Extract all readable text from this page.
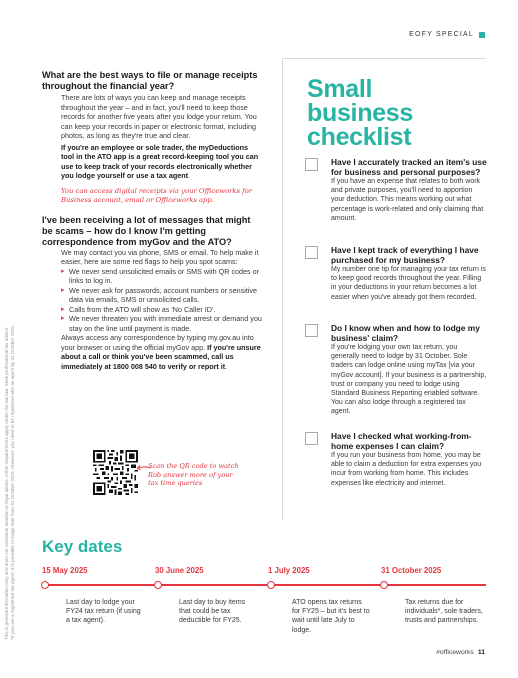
EOFY SPECIAL
This is general information only and does not constitute taxation or legal advice. Other requirements apply under the tax law. Seek professional tax advice. *If you use a registered tax agent, it is possible to lodge later than 31 October 2025. However, you need to be registered with an agent by 31 October 2025.
What are the best ways to file or manage receipts throughout the financial year?
There are lots of ways you can keep and manage receipts throughout the year – and in fact, you'll need to keep those records for another five years after you lodge your return. You can keep your records in paper or electronic format, including photos, as long as they're true and clear.
If you're an employee or sole trader, the myDeductions tool in the ATO app is a great record-keeping tool you can use to keep track of your records electronically whether you lodge yourself or use a tax agent.
You can access digital receipts via your Officeworks for Business account, email or Officeworks app.
I've been receiving a lot of messages that might be scams – how do I know I'm getting correspondence from myGov and the ATO?
We may contact you via phone, SMS or email. To help make it easier, here are some red flags to help you spot scams:
▸ We never send unsolicited emails or SMS with QR codes or links to log in.
▸ We never ask for passwords, account numbers or sensitive data via emails, SMS or unsolicited calls.
▸ Calls from the ATO will show as 'No Caller ID'.
▸ We never threaten you with immediate arrest or demand you stay on the line until payment is made.
Always access any correspondence by typing my.gov.au into your browser or using the official myGov app. If you're unsure about a call or think you've been scammed, call us immediately at 1800 008 540 to verify or report it.
Scan the QR code to watch Rob answer more of your tax time queries
Small
business
checklist
Have I accurately tracked an item's use for business and personal purposes?
If you have an expense that relates to both work and private purposes, you'll need to apportion your deduction. This means working out what percentage is work-related and only claiming that amount.
Have I kept track of everything I have purchased for my business?
My number one tip for managing your tax return is to keep good records throughout the year. Filling in your deductions in your return becomes a lot easier when you've already got them recorded.
Do I know when and how to lodge my business' claim?
If you're lodging your own tax return, you generally need to lodge by 31 October. Sole traders can lodge online using myTax [via your myGov account]. If your business is a partnership, trust or company you need to lodge using Standard Business Reporting enabled software. You can also lodge through a registered tax agent.
Have I checked what working-from-home expenses I can claim?
If you run your business from home, you may be able to claim a deduction for extra expenses you incur from working from home. This includes expenses like electricity and internet.
Key dates
15 May 2025	30 June 2025	1 July 2025	31 October 2025
Last day to lodge your FY24 tax return (if using a tax agent).
Last day to buy items that could be tax deductible for FY25.
ATO opens tax returns for FY25 – but it's best to wait until late July to lodge.
Tax returns due for individuals*, sole traders, trusts and partnerships.
#officeworks 11
